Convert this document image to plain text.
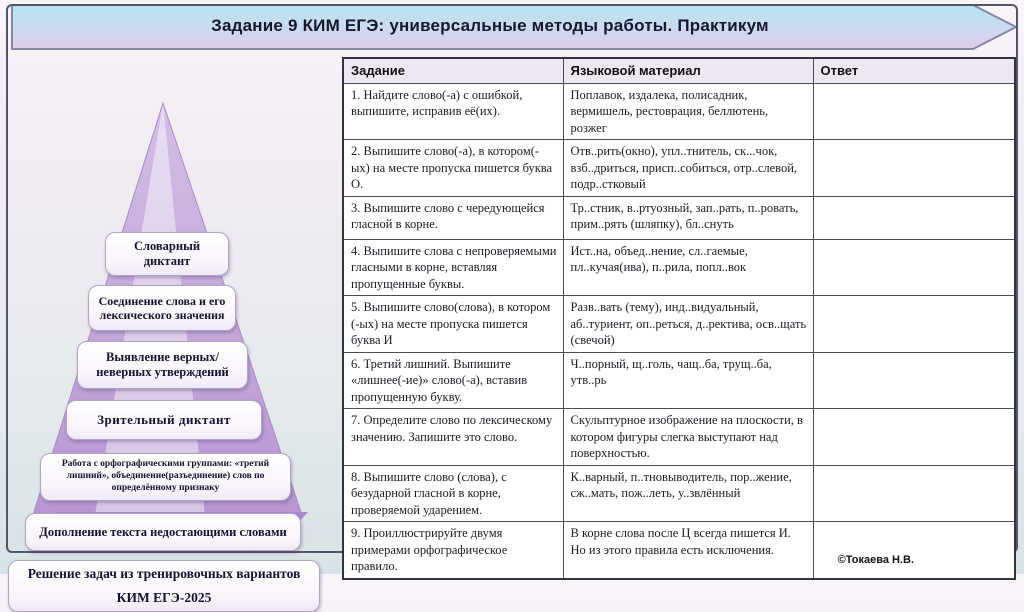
Задание 9 КИМ ЕГЭ: универсальные методы работы. Практикум
Словарный диктант
Соединение слова и его лексического значения
Выявление верных/неверных утверждений
Зрительный диктант
Работа с орфографическими группами: «третий лишний», объединение(разъединение) слов по определённому признаку
Дополнение текста недостающими словами
Решение задач из тренировочных вариантов КИМ ЕГЭ-2025
Задание	Языковой материал	Ответ
1. Найдите слово(-а) с ошибкой, выпишите, исправив её(их).	Поплавок, издалека, полисадник, вермишель, рестоврация, беллютень, розжег	
2. Выпишите слово(-а), в котором(-ых) на месте пропуска пишется буква О.	Отв..рить(окно), упл..тнитель, ск...чок, взб..дриться, присп..собиться, отр..слевой, подр..стковый	
3. Выпишите слово с чередующейся гласной в корне.	Тр..стник, в..ртуозный, зап..рать, п..ровать, прим..рять (шляпку), бл..снуть	
4. Выпишите слова с непроверяемыми гласными в корне, вставляя пропущенные буквы.	Ист..на, объед..нение, сл..гаемые, пл..кучая(ива), п..рила, попл..вок	
5. Выпишите слово(слова), в котором (-ых) на месте пропуска пишется буква И	Разв..вать (тему), инд..видуальный, аб..туриент, оп..реться, д..ректива, осв..щать (свечой)	
6. Третий лишний. Выпишите «лишнее(-ие)» слово(-а), вставив пропущенную букву.	Ч..порный, щ..голь, чащ..ба, трущ..ба, утв..рь	
7. Определите слово по лексическому значению. Запишите это слово.	Скульптурное изображение на плоскости, в котором фигуры слегка выступают над поверхностью.	
8. Выпишите слово (слова), с безударной гласной в корне, проверяемой ударением.	К..варный, п..тновыводитель, пор..жение, сж..мать, пож..леть, у..звлённый	
9. Проиллюстрируйте двумя примерами орфографическое правило.	В корне слова после Ц всегда пишется И. Но из этого правила есть исключения.	
©Токаева Н.В.
